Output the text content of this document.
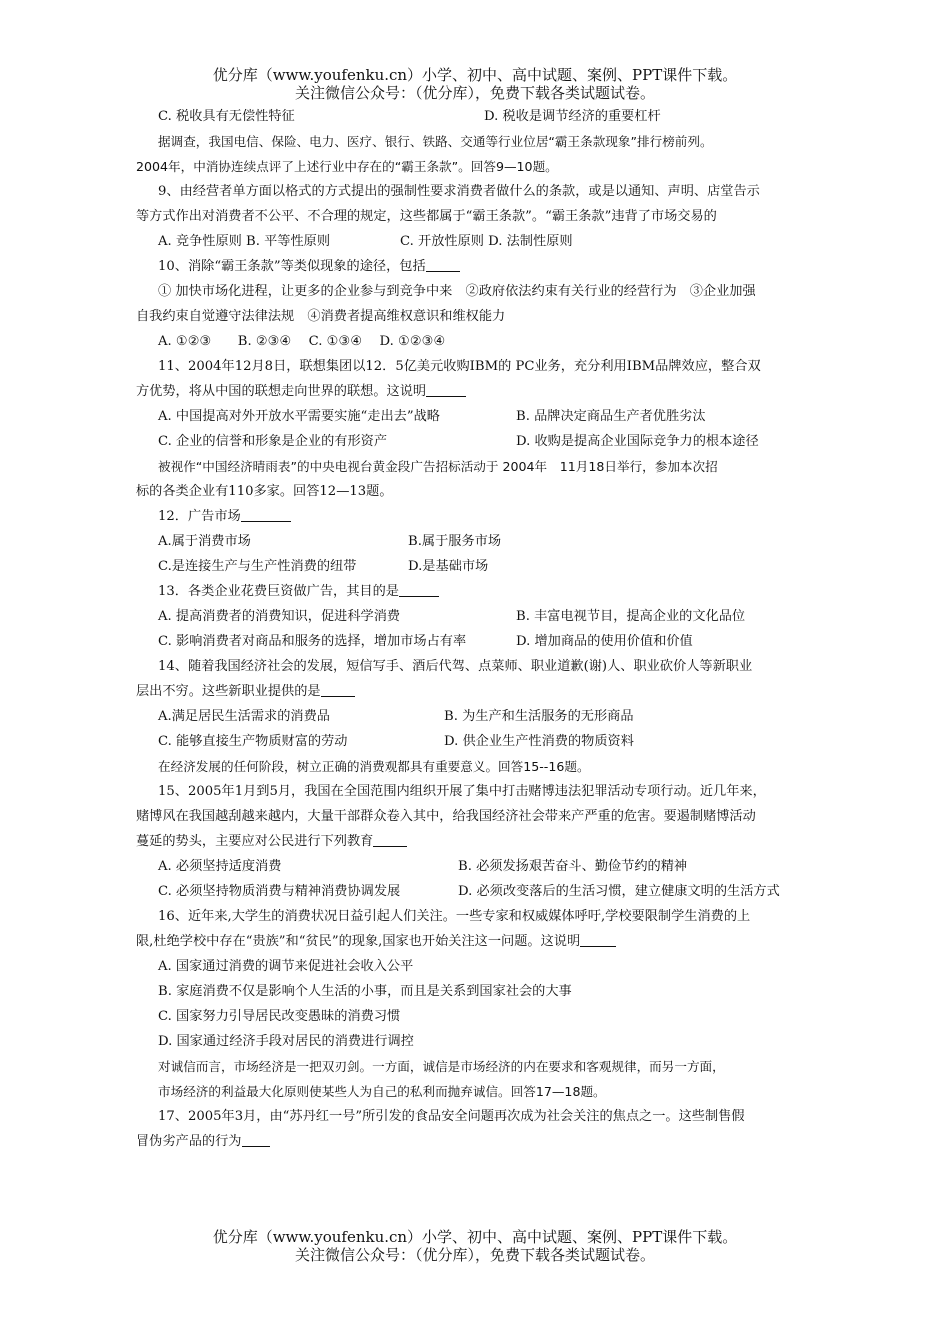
优分库（www.youfenku.cn）小学、初中、高中试题、案例、PPT课件下载。
关注微信公众号：（优分库），免费下载各类试题试卷。
C. 税收具有无偿性特征	D. 税收是调节经济的重要杠杆
据调查，我国电信、保险、电力、医疗、银行、铁路、交通等行业位居“霸王条款现象”排行榜前列。
2004年，中消协连续点评了上述行业中存在的“霸王条款”。回答9—10题。
9、由经营者单方面以格式的方式提出的强制性要求消费者做什么的条款，或是以通知、声明、店堂告示
等方式作出对消费者不公平、不合理的规定，这些都属于“霸王条款”。“霸王条款”违背了市场交易的
A. 竞争性原则 B. 平等性原则	C. 开放性原则 D. 法制性原则
10、消除“霸王条款”等类似现象的途径，包括
① 加快市场化进程，让更多的企业参与到竞争中来　②政府依法约束有关行业的经营行为　③企业加强
自我约束自觉遵守法律法规　④消费者提高维权意识和维权能力
A. ①②③　　B. ②③④　 C. ①③④　 D. ①②③④
11、2004年12月8日，联想集团以12．5亿美元收购IBM的 PC业务，充分利用IBM品牌效应，整合双
方优势，将从中国的联想走向世界的联想。这说明
A. 中国提高对外开放水平需要实施“走出去”战略	B. 品牌决定商品生产者优胜劣汰
C. 企业的信誉和形象是企业的有形资产	D. 收购是提高企业国际竞争力的根本途径
被视作“中国经济晴雨表”的中央电视台黄金段广告招标活动于 2004年　11月18日举行，参加本次招
标的各类企业有110多家。回答12—13题。
12．广告市场
A.属于消费市场	B.属于服务市场
C.是连接生产与生产性消费的纽带	D.是基础市场
13．各类企业花费巨资做广告，其目的是
A. 提高消费者的消费知识，促进科学消费	B. 丰富电视节目，提高企业的文化品位
C. 影响消费者对商品和服务的选择，增加市场占有率	D. 增加商品的使用价值和价值
14、随着我国经济社会的发展，短信写手、酒后代驾、点菜师、职业道歉(谢)人、职业砍价人等新职业
层出不穷。这些新职业提供的是
A.满足居民生活需求的消费品	B. 为生产和生活服务的无形商品
C. 能够直接生产物质财富的劳动	D. 供企业生产性消费的物质资料
在经济发展的任何阶段，树立正确的消费观都具有重要意义。回答15--16题。
15、2005年1月到5月，我国在全国范围内组织开展了集中打击赌博违法犯罪活动专项行动。近几年来，
赌博风在我国越刮越来越内，大量干部群众卷入其中，给我国经济社会带来产严重的危害。要遏制赌博活动
蔓延的势头，主要应对公民进行下列教育
A. 必须坚持适度消费	B. 必须发扬艰苦奋斗、勤俭节约的精神
C. 必须坚持物质消费与精神消费协调发展	D. 必须改变落后的生活习惯，建立健康文明的生活方式
16、近年来,大学生的消费状况日益引起人们关注。一些专家和权威媒体呼吁,学校要限制学生消费的上
限,杜绝学校中存在“贵族”和“贫民”的现象,国家也开始关注这一问题。这说明
A. 国家通过消费的调节来促进社会收入公平
B. 家庭消费不仅是影响个人生活的小事，而且是关系到国家社会的大事
C. 国家努力引导居民改变愚昧的消费习惯
D. 国家通过经济手段对居民的消费进行调控
对诚信而言，市场经济是一把双刃剑。一方面，诚信是市场经济的内在要求和客观规律，而另一方面，
市场经济的利益最大化原则使某些人为自己的私利而抛弃诚信。回答17—18题。
17、2005年3月，由“苏丹红一号”所引发的食品安全问题再次成为社会关注的焦点之一。这些制售假
冒伪劣产品的行为
优分库（www.youfenku.cn）小学、初中、高中试题、案例、PPT课件下载。
关注微信公众号：（优分库），免费下载各类试题试卷。
